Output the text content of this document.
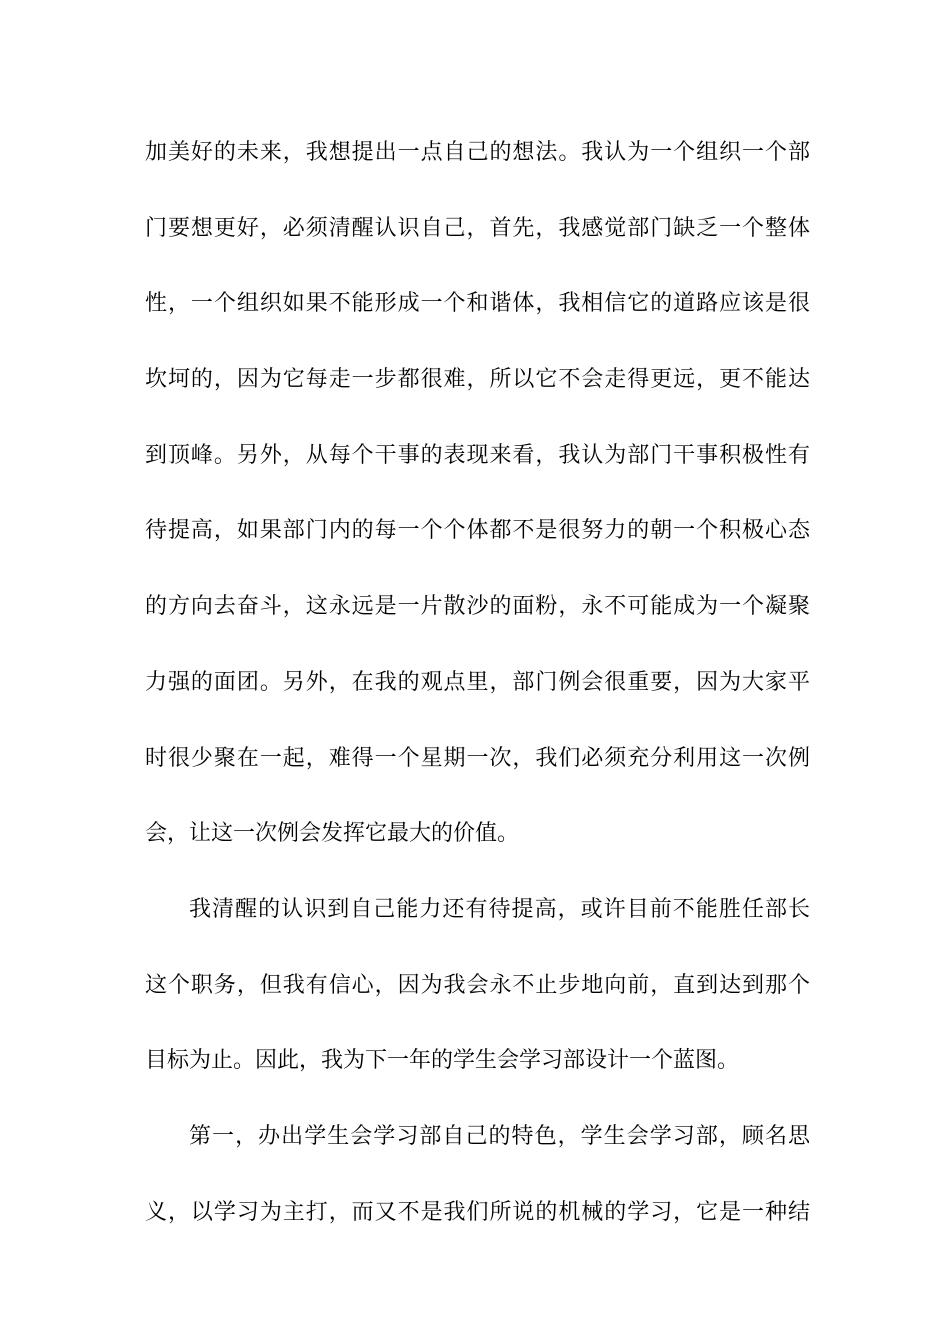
加美好的未来，我想提出一点自己的想法。我认为一个组织一个部
门要想更好，必须清醒认识自己，首先，我感觉部门缺乏一个整体
性，一个组织如果不能形成一个和谐体，我相信它的道路应该是很
坎坷的，因为它每走一步都很难，所以它不会走得更远，更不能达
到顶峰。另外，从每个干事的表现来看，我认为部门干事积极性有
待提高，如果部门内的每一个个体都不是很努力的朝一个积极心态
的方向去奋斗，这永远是一片散沙的面粉，永不可能成为一个凝聚
力强的面团。另外，在我的观点里，部门例会很重要，因为大家平
时很少聚在一起，难得一个星期一次，我们必须充分利用这一次例
会，让这一次例会发挥它最大的价值。
我清醒的认识到自己能力还有待提高，或许目前不能胜任部长
这个职务，但我有信心，因为我会永不止步地向前，直到达到那个
目标为止。因此，我为下一年的学生会学习部设计一个蓝图。
第一，办出学生会学习部自己的特色，学生会学习部，顾名思
义，以学习为主打，而又不是我们所说的机械的学习，它是一种结
